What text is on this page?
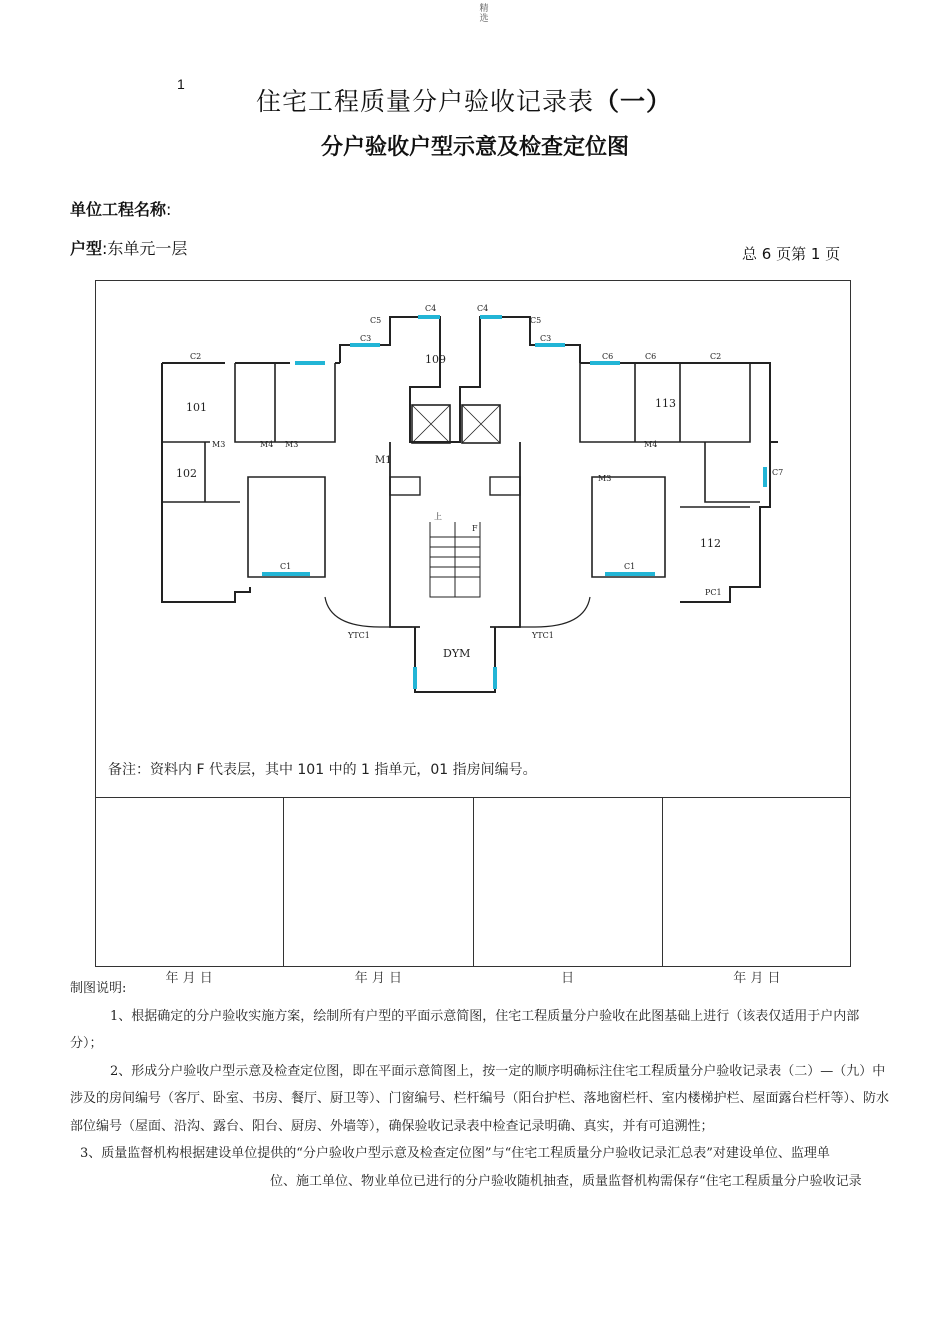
精选
1
住宅工程质量分户验收记录表（一）
分户验收户型示意及检查定位图
单位工程名称:
户型:东单元一层	总 6 页第 1 页
109
101
102
113
112
DYM
C2	C6	C6	C2
C3	C3
C4	C4
C5	C5
C1	C1
C7
PC1
M1
M3	M3
M3
M4	M4
YTC1	YTC1
上
F
备注：资料内 F 代表层，其中 101 中的 1 指单元，01 指房间编号。
年 月 日	年 月 日	日	年 月 日

制图说明:

1、根据确定的分户验收实施方案，绘制所有户型的平面示意简图，住宅工程质量分户验收在此图基础上进行（该表仅适用于户内部分）；

2、形成分户验收户型示意及检查定位图，即在平面示意简图上，按一定的顺序明确标注住宅工程质量分户验收记录表（二）—（九）中涉及的房间编号（客厅、卧室、书房、餐厅、厨卫等）、门窗编号、栏杆编号（阳台护栏、落地窗栏杆、室内楼梯护栏、屋面露台栏杆等）、防水部位编号（屋面、沿沟、露台、阳台、厨房、外墙等），确保验收记录表中检查记录明确、真实，并有可追溯性；

3、质量监督机构根据建设单位提供的“分户验收户型示意及检查定位图”与“住宅工程质量分户验收记录汇总表”对建设单位、监理单

位、施工单位、物业单位已进行的分户验收随机抽查，质量监督机构需保存“住宅工程质量分户验收记录
